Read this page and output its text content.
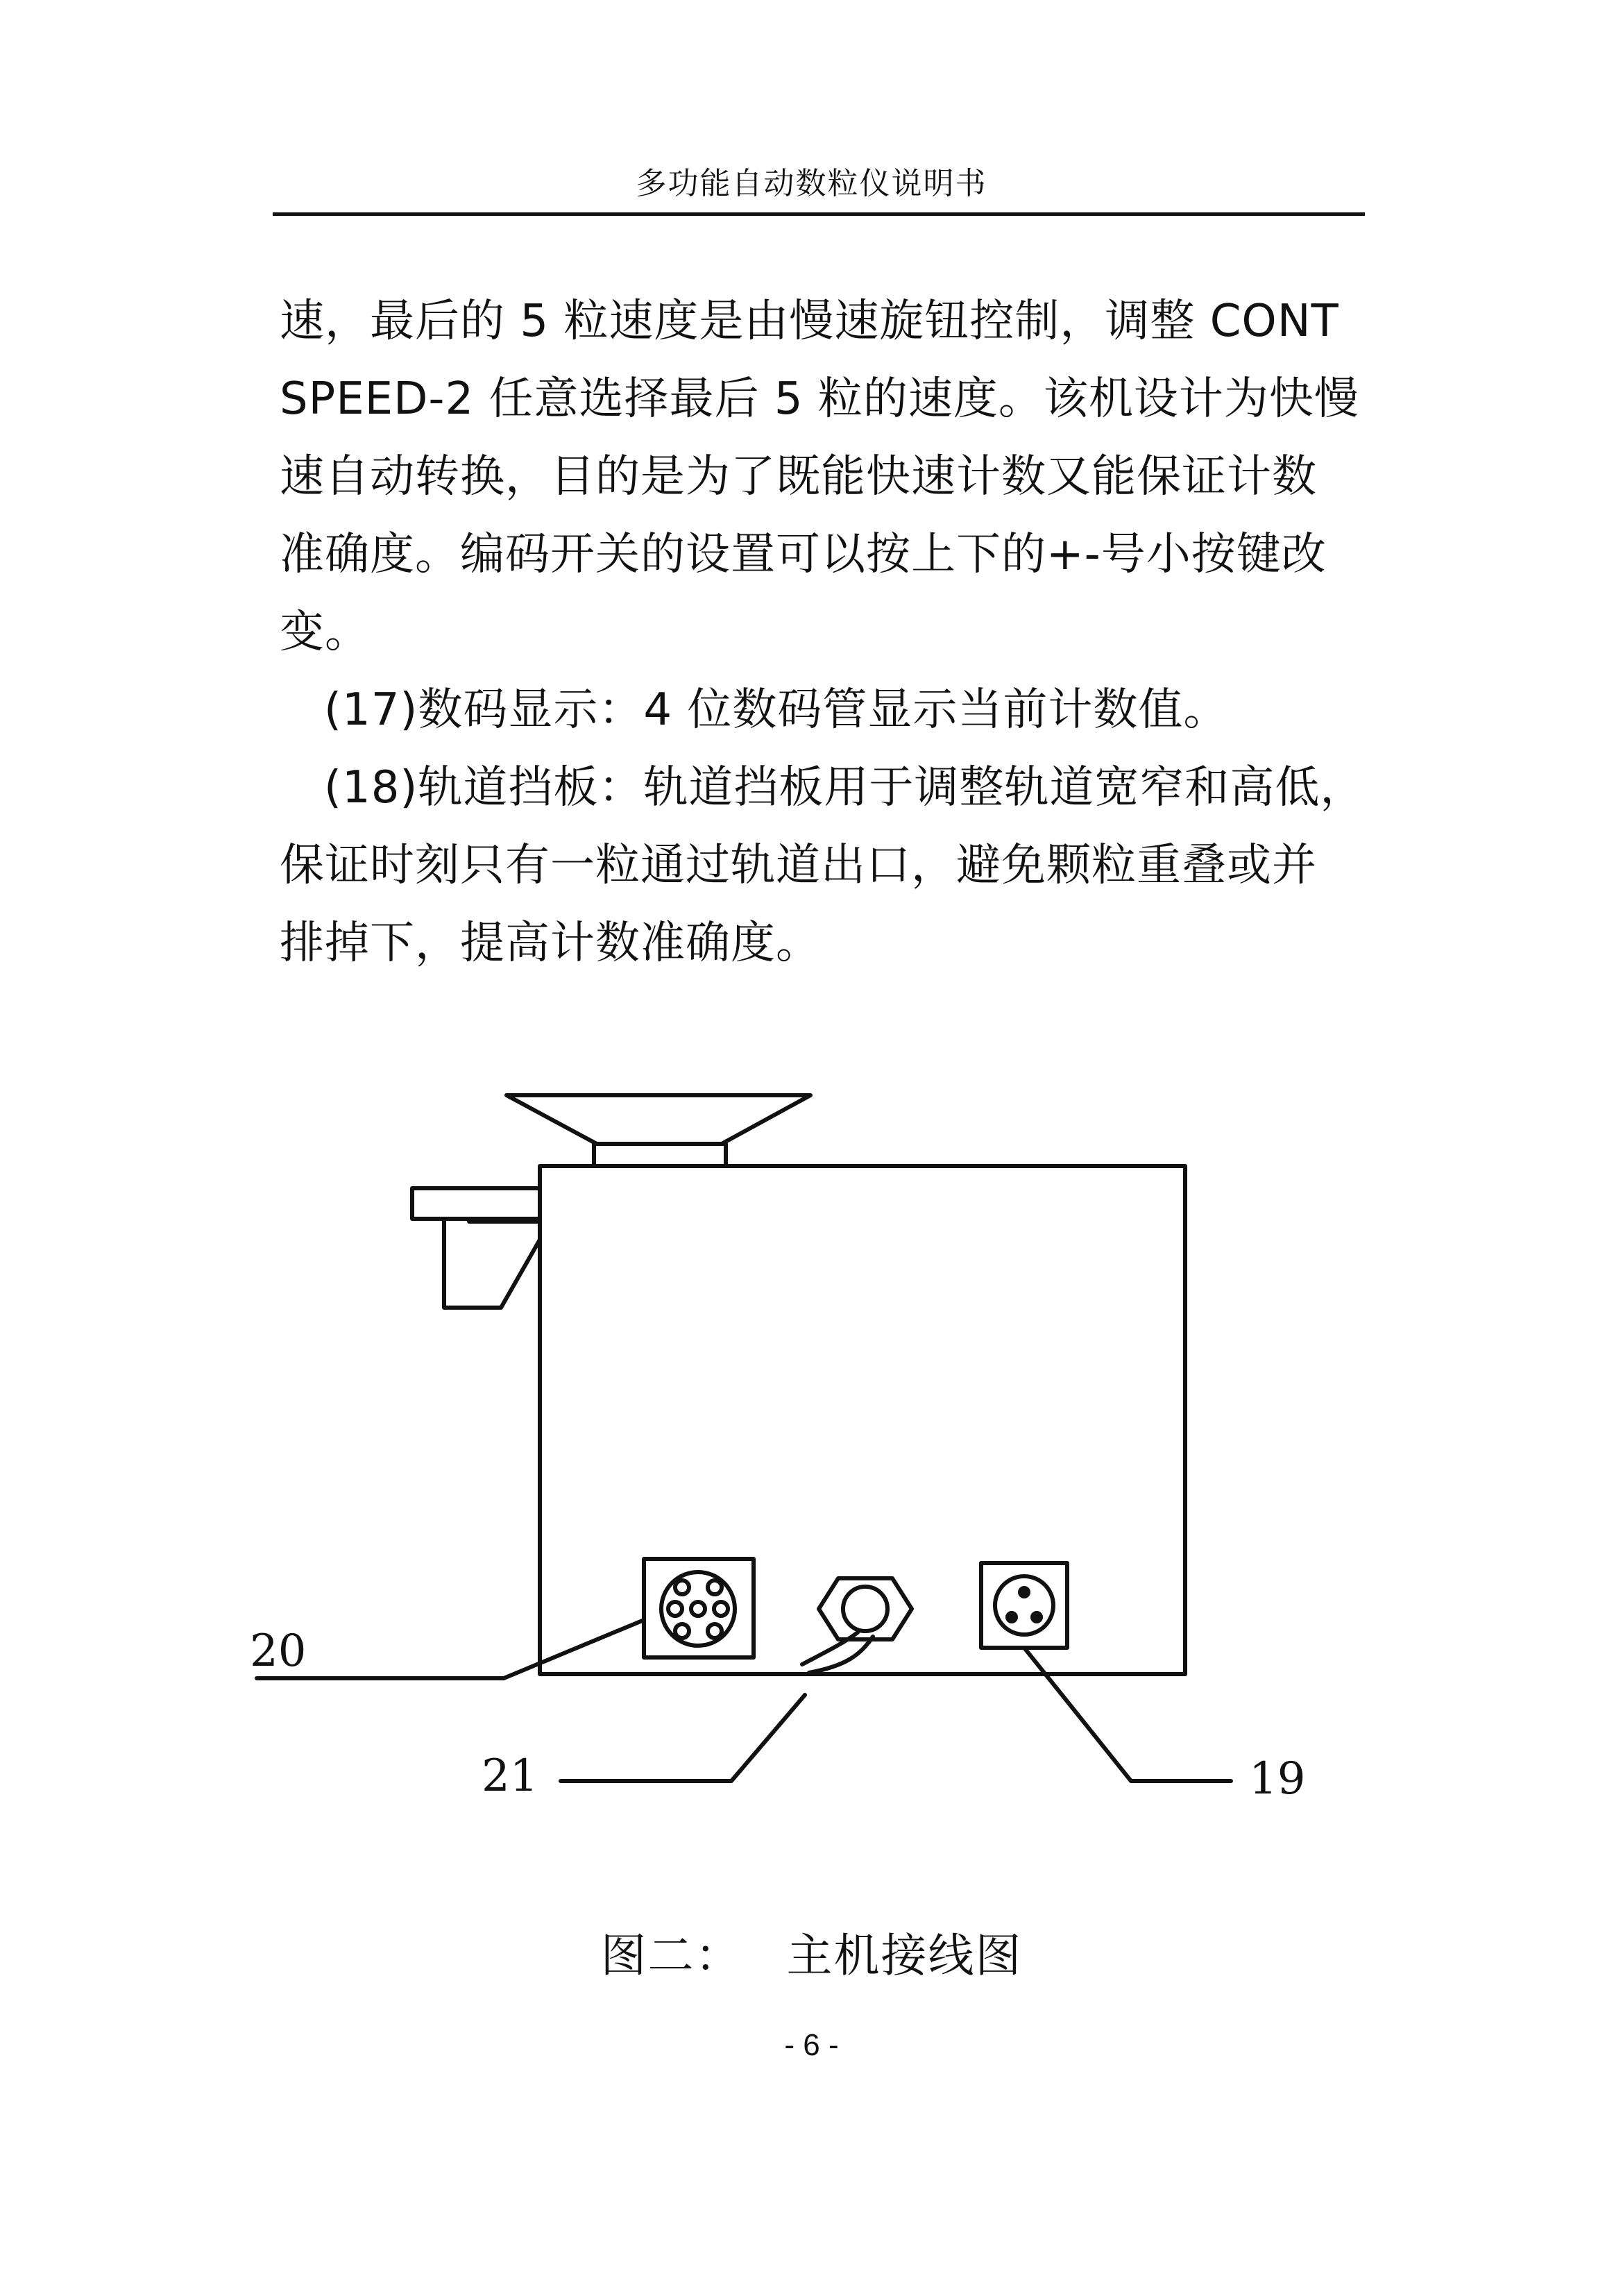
多功能自动数粒仪说明书

速，最后的 5 粒速度是由慢速旋钮控制，调整 CONT

SPEED-2 任意选择最后 5 粒的速度。该机设计为快慢

速自动转换，目的是为了既能快速计数又能保证计数

准确度。编码开关的设置可以按上下的+-号小按键改

变。

(17)数码显示：4 位数码管显示当前计数值。

(18)轨道挡板：轨道挡板用于调整轨道宽窄和高低，

保证时刻只有一粒通过轨道出口，避免颗粒重叠或并

排掉下，提高计数准确度。

20
21	19
图二： 主机接线图
- 6 -
